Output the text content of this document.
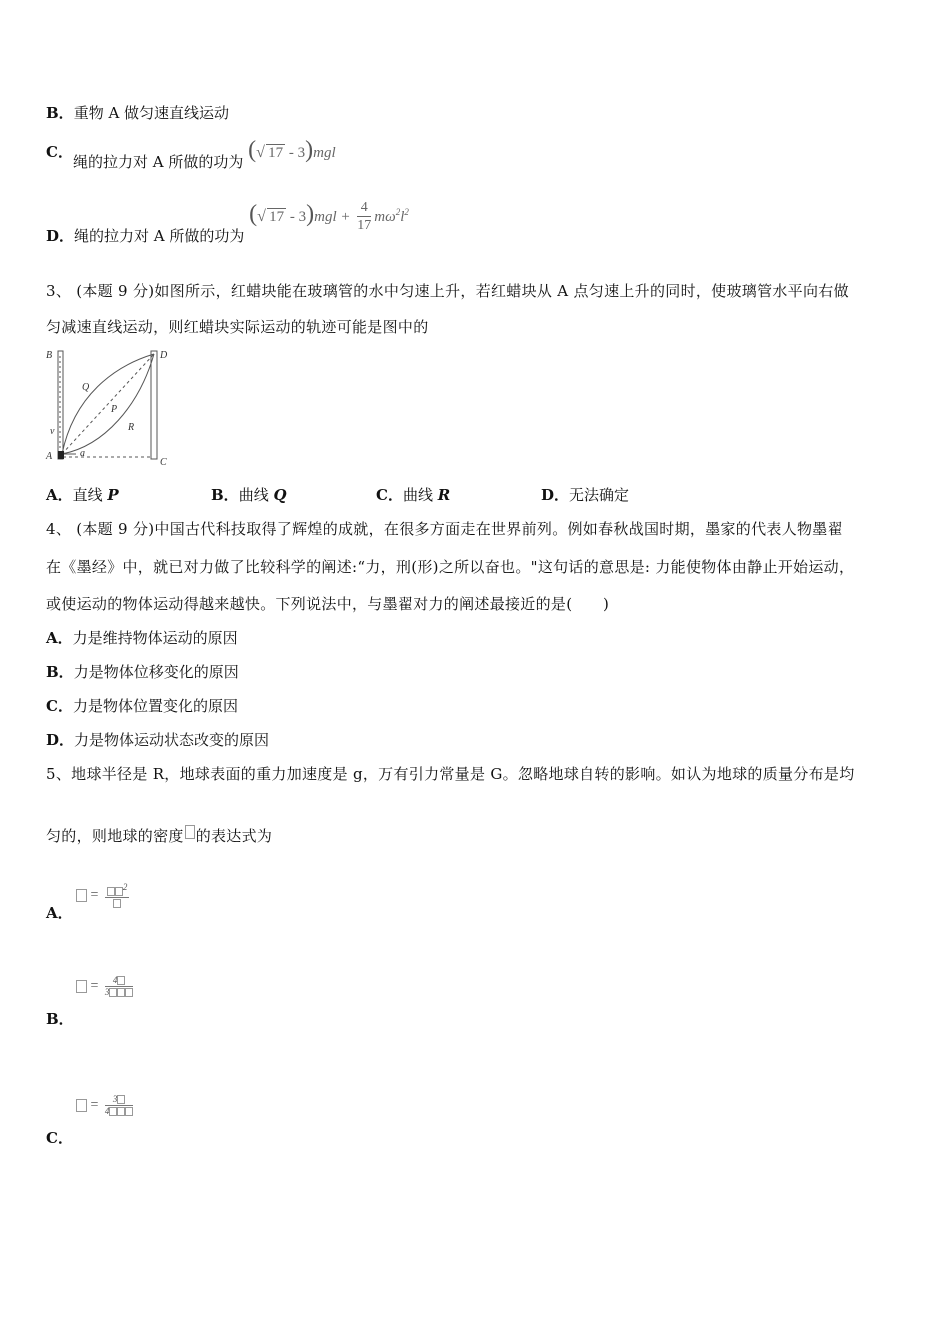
B．重物 A 做匀速直线运动
C．绳的拉力对 A 所做的功为 ( √ 17 - 3)mgl
D．绳的拉力对 A 所做的功为 ( √ $17 - 3)mgl + \frac{4}{17} m\omega^2l^2$
3、 (本题 9 分)如图所示，红蜡块能在玻璃管的水中匀速上升，若红蜡块从 A 点匀速上升的同时，使玻璃管水平向右做
匀减速直线运动，则红蜡块实际运动的轨迹可能是图中的
B	D
Q
P
R
v
A	a
C
A．直线 P	B．曲线 Q	C．曲线 R	D．无法确定
4、 (本题 9 分)中国古代科技取得了辉煌的成就，在很多方面走在世界前列。例如春秋战国时期，墨家的代表人物墨翟
在《墨经》中，就已对力做了比较科学的阐述:“力，刑(形)之所以奋也。"这句话的意思是: 力能使物体由静止开始运动，
或使运动的物体运动得越来越快。下列说法中，与墨翟对力的阐述最接近的是(　　)
A．力是维持物体运动的原因
B．力是物体位移变化的原因
C．力是物体位置变化的原因
D．力是物体运动状态改变的原因
5、地球半径是 R，地球表面的重力加速度是 g，万有引力常量是 G。忽略地球自转的影响。如认为地球的质量分布是均
匀的，则地球的密度 的表达式为
=
$^2$
A．
= $\frac{4}{3}$
B．
= $\frac{3}{4}$
C．
